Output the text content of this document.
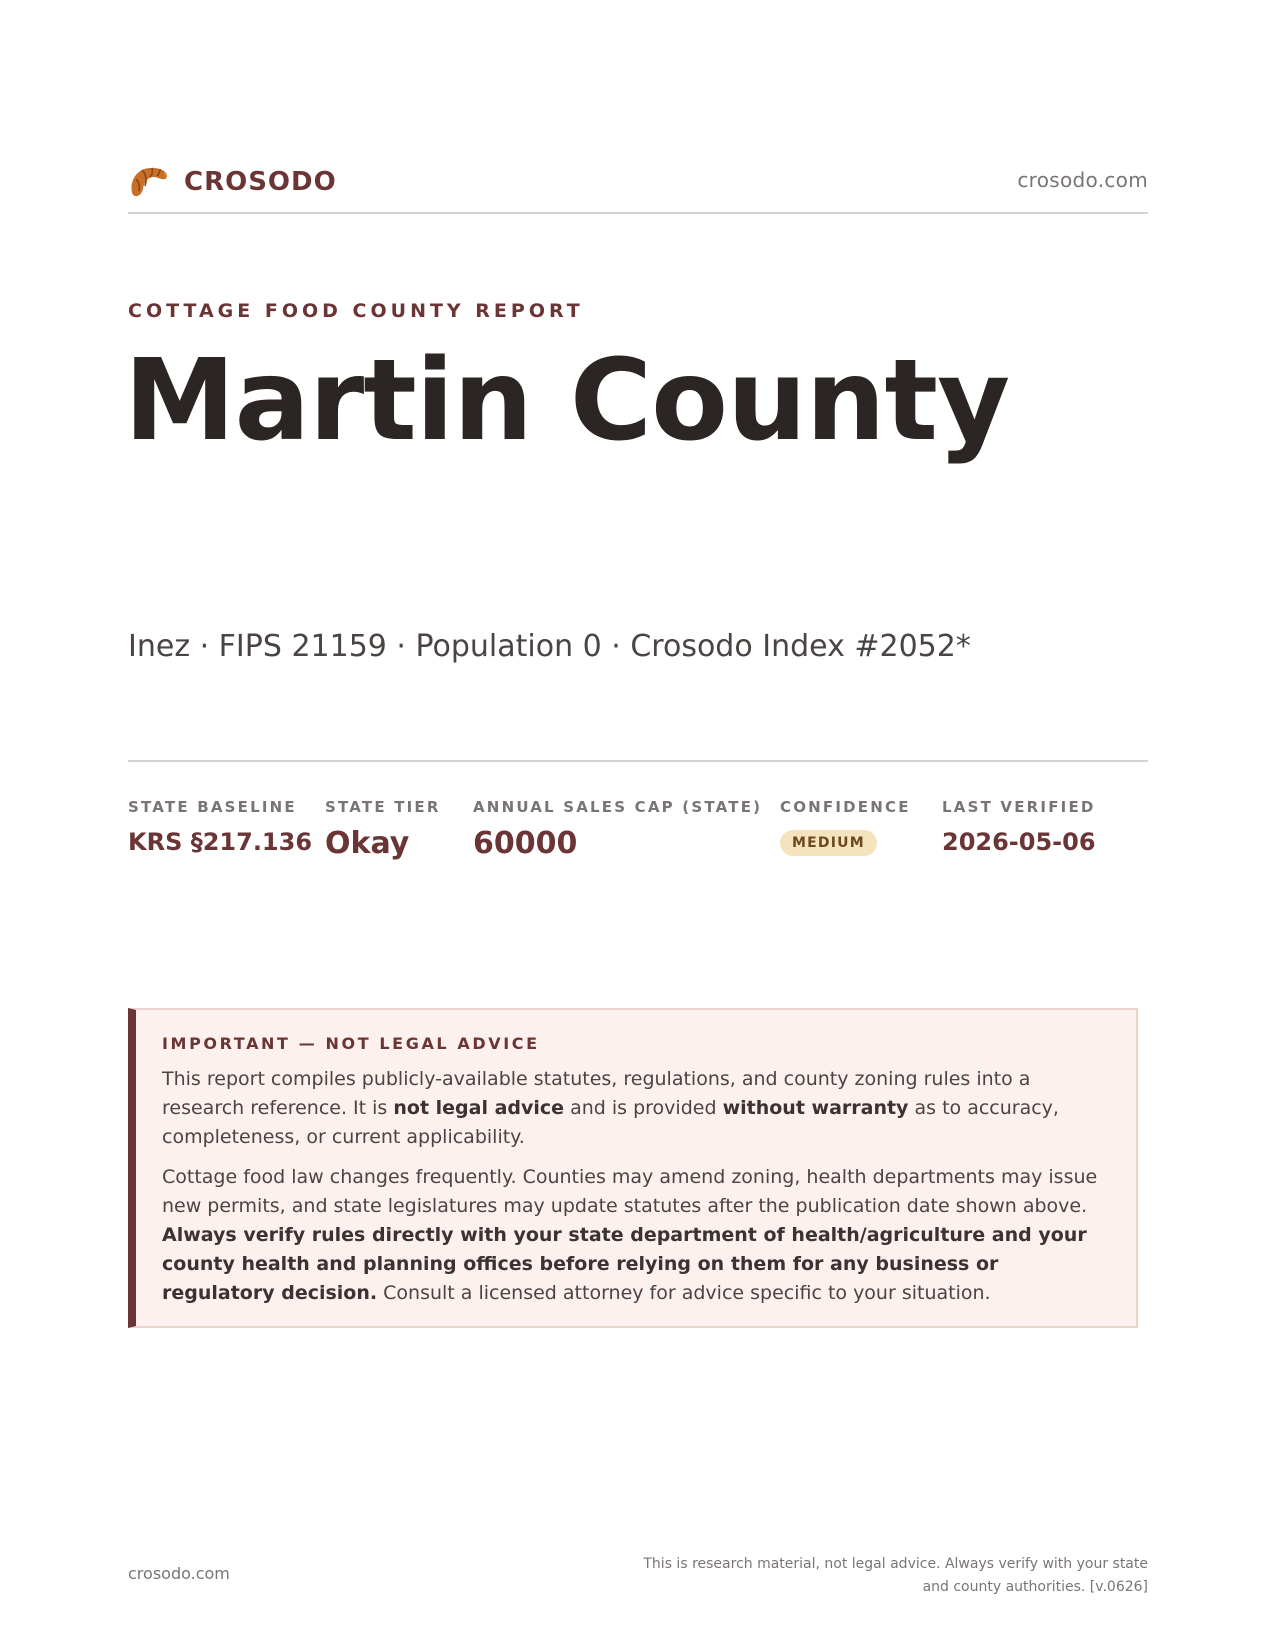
CROSODO	crosodo.com
COTTAGE FOOD COUNTY REPORT
Martin County
Inez · FIPS 21159 · Population 0 · Crosodo Index #2052*
STATE BASELINE
KRS §217.136
STATE TIER
Okay
ANNUAL SALES CAP (STATE)
60000
CONFIDENCE
MEDIUM
LAST VERIFIED
2026-05-06
IMPORTANT — NOT LEGAL ADVICE

This report compiles publicly-available statutes, regulations, and county zoning rules into a research reference. It is not legal advice and is provided without warranty as to accuracy, completeness, or current applicability.

Cottage food law changes frequently. Counties may amend zoning, health departments may issue new permits, and state legislatures may update statutes after the publication date shown above. Always verify rules directly with your state department of health/agriculture and your county health and planning offices before relying on them for any business or regulatory decision. Consult a licensed attorney for advice specific to your situation.

crosodo.com	This is research material, not legal advice. Always verify with your state
and county authorities. [v.0626]
